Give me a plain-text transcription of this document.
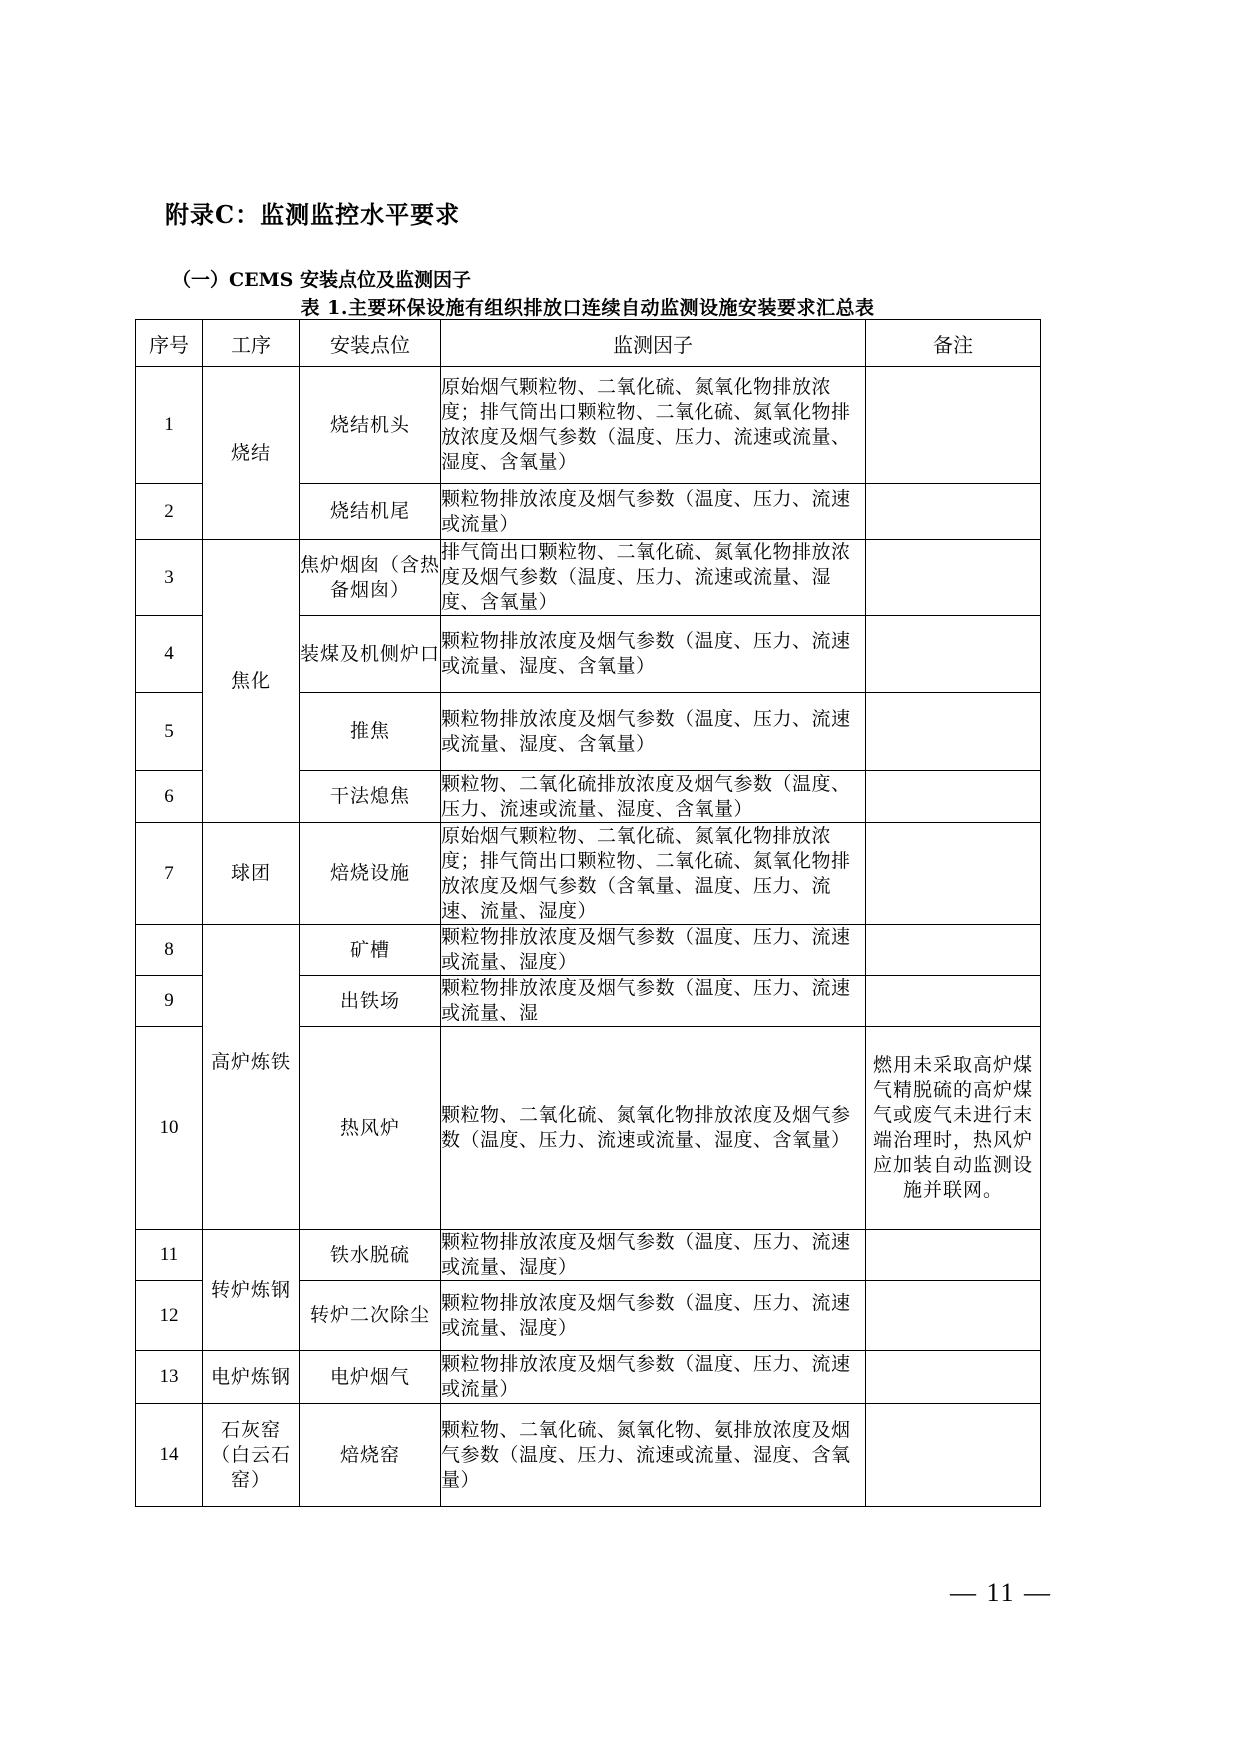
附录C：监测监控水平要求
（一）CEMS 安装点位及监测因子
表 1.主要环保设施有组织排放口连续自动监测设施安装要求汇总表
序号	工序	安装点位	监测因子	备注
1	烧结	烧结机头	原始烟气颗粒物、二氧化硫、氮氧化物排放浓度；排气筒出口颗粒物、二氧化硫、氮氧化物排放浓度及烟气参数（温度、压力、流速或流量、湿度、含氧量）	
2		烧结机尾	颗粒物排放浓度及烟气参数（温度、压力、流速或流量）	
3	焦化	焦炉烟囱（含热备烟囱）	排气筒出口颗粒物、二氧化硫、氮氧化物排放浓度及烟气参数（温度、压力、流速或流量、湿度、含氧量）	
4		装煤及机侧炉口	颗粒物排放浓度及烟气参数（温度、压力、流速或流量、湿度、含氧量）	
5		推焦	颗粒物排放浓度及烟气参数（温度、压力、流速或流量、湿度、含氧量）	
6		干法熄焦	颗粒物、二氧化硫排放浓度及烟气参数（温度、压力、流速或流量、湿度、含氧量）	
7	球团	焙烧设施	原始烟气颗粒物、二氧化硫、氮氧化物排放浓度；排气筒出口颗粒物、二氧化硫、氮氧化物排放浓度及烟气参数（含氧量、温度、压力、流速、流量、湿度）	
8	高炉炼铁	矿槽	颗粒物排放浓度及烟气参数（温度、压力、流速或流量、湿度）	
9		出铁场	颗粒物排放浓度及烟气参数（温度、压力、流速或流量、湿	
10		热风炉	颗粒物、二氧化硫、氮氧化物排放浓度及烟气参数（温度、压力、流速或流量、湿度、含氧量）	燃用未采取高炉煤气精脱硫的高炉煤气或废气未进行末端治理时，热风炉应加装自动监测设施并联网。
11	转炉炼钢	铁水脱硫	颗粒物排放浓度及烟气参数（温度、压力、流速或流量、湿度）	
12		转炉二次除尘	颗粒物排放浓度及烟气参数（温度、压力、流速或流量、湿度）	
13	电炉炼钢	电炉烟气	颗粒物排放浓度及烟气参数（温度、压力、流速或流量）	
14	石灰窑（白云石窑）	焙烧窑	颗粒物、二氧化硫、氮氧化物、氨排放浓度及烟气参数（温度、压力、流速或流量、湿度、含氧量）	
— 11 —
